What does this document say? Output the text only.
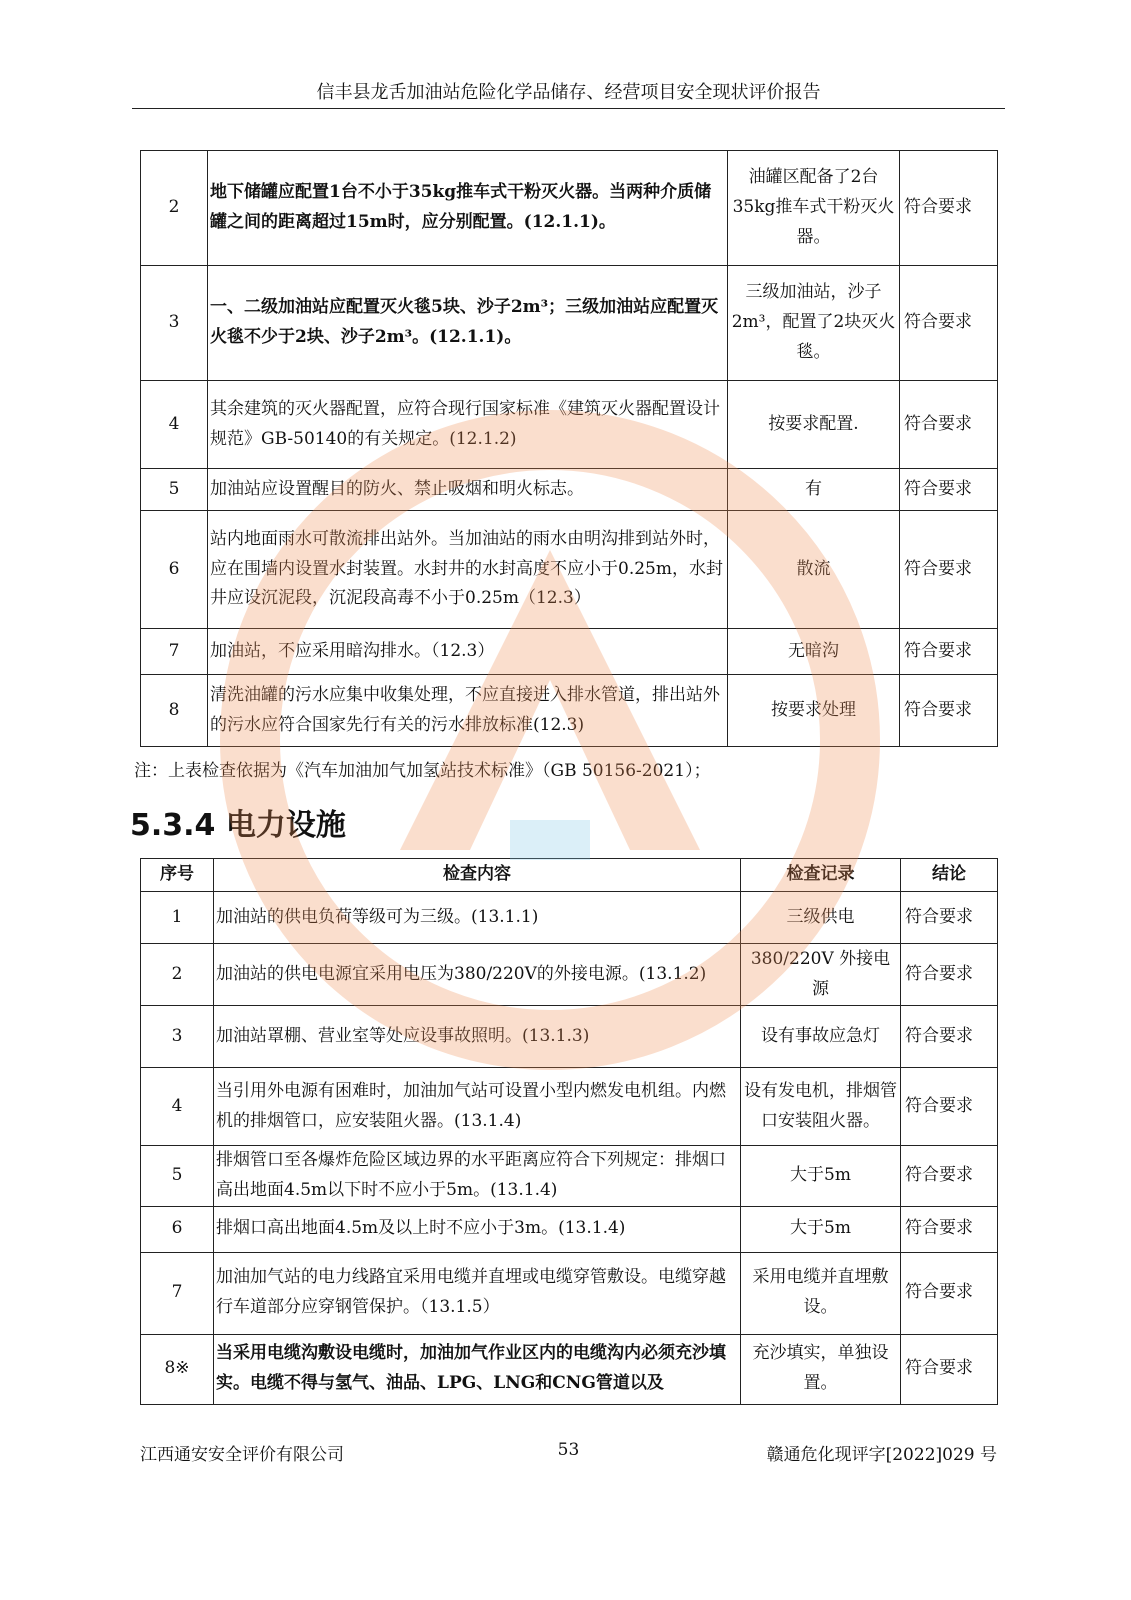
信丰县龙舌加油站危险化学品储存、经营项目安全现状评价报告
2	地下储罐应配置1台不小于35kg推车式干粉灭火器。当两种介质储罐之间的距离超过15m时，应分别配置。(12.1.1)。	油罐区配备了2台35kg推车式干粉灭火器。	符合要求
3	一、二级加油站应配置灭火毯5块、沙子2m³；三级加油站应配置灭火毯不少于2块、沙子2m³。(12.1.1)。	三级加油站，沙子2m³，配置了2块灭火毯。	符合要求
4	其余建筑的灭火器配置，应符合现行国家标准《建筑灭火器配置设计规范》GB-50140的有关规定。(12.1.2)	按要求配置.	符合要求
5	加油站应设置醒目的防火、禁止吸烟和明火标志。	有	符合要求
6	站内地面雨水可散流排出站外。当加油站的雨水由明沟排到站外时，应在围墙内设置水封装置。水封井的水封高度不应小于0.25m，水封井应设沉泥段，沉泥段高毒不小于0.25m（12.3）	散流	符合要求
7	加油站，不应采用暗沟排水。（12.3）	无暗沟	符合要求
8	清洗油罐的污水应集中收集处理，不应直接进入排水管道，排出站外的污水应符合国家先行有关的污水排放标准(12.3)	按要求处理	符合要求
注：上表检查依据为《汽车加油加气加氢站技术标准》（GB 50156-2021）；
5.3.4 电力设施
序号	检查内容	检查记录	结论
1	加油站的供电负荷等级可为三级。(13.1.1)	三级供电	符合要求
2	加油站的供电电源宜采用电压为380/220V的外接电源。(13.1.2)	380/220V 外接电源	符合要求
3	加油站罩棚、营业室等处应设事故照明。(13.1.3)	设有事故应急灯	符合要求
4	当引用外电源有困难时，加油加气站可设置小型内燃发电机组。内燃机的排烟管口，应安装阻火器。(13.1.4)	设有发电机，排烟管口安装阻火器。	符合要求
5	排烟管口至各爆炸危险区域边界的水平距离应符合下列规定：排烟口高出地面4.5m以下时不应小于5m。(13.1.4)	大于5m	符合要求
6	排烟口高出地面4.5m及以上时不应小于3m。(13.1.4)	大于5m	符合要求
7	加油加气站的电力线路宜采用电缆并直埋或电缆穿管敷设。电缆穿越行车道部分应穿钢管保护。（13.1.5）	采用电缆并直埋敷设。	符合要求
8※	当采用电缆沟敷设电缆时，加油加气作业区内的电缆沟内必须充沙填实。电缆不得与氢气、油品、LPG、LNG和CNG管道以及	充沙填实，单独设置。	符合要求
江西通安安全评价有限公司	53	赣通危化现评字[2022]029 号
